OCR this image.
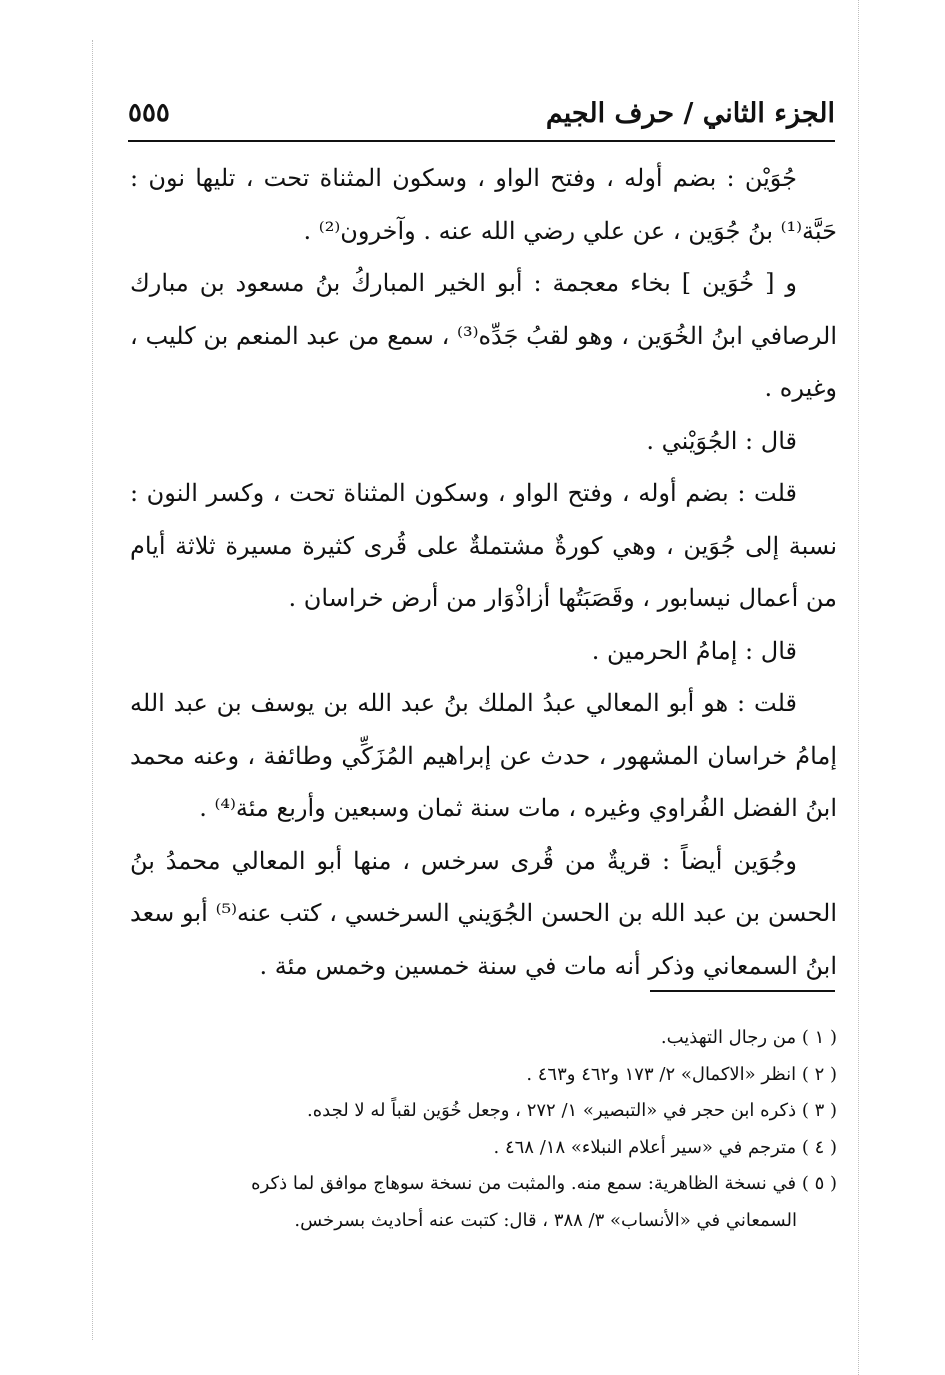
الجزء الثاني / حرف الجيم
٥٥٥

جُوَيْن : بضم أوله ، وفتح الواو ، وسكون المثناة تحت ، تليها نون : حَبَّة⁽¹⁾ بنُ جُوَين ، عن علي رضي الله عنه . وآخرون⁽²⁾ .

و [ خُوَين ] بخاء معجمة : أبو الخير المباركُ بنُ مسعود بن مبارك الرصافي ابنُ الخُوَين ، وهو لقبُ جَدِّه⁽³⁾ ، سمع من عبد المنعم بن كليب ، وغيره .

قال : الجُوَيْني .

قلت : بضم أوله ، وفتح الواو ، وسكون المثناة تحت ، وكسر النون : نسبة إلى جُوَين ، وهي كورةٌ مشتملةٌ على قُرى كثيرة مسيرة ثلاثة أيام من أعمال نيسابور ، وقَصَبَتُها أزاذْوَار من أرض خراسان .

قال : إمامُ الحرمين .

قلت : هو أبو المعالي عبدُ الملك بنُ عبد الله بن يوسف بن عبد الله إمامُ خراسان المشهور ، حدث عن إبراهيم المُزَكِّي وطائفة ، وعنه محمد ابنُ الفضل الفُراوي وغيره ، مات سنة ثمان وسبعين وأربع مئة⁽⁴⁾ .

وجُوَين أيضاً : قريةٌ من قُرى سرخس ، منها أبو المعالي محمدُ بنُ الحسن بن عبد الله بن الحسن الجُوَيني السرخسي ، كتب عنه⁽⁵⁾ أبو سعد ابنُ السمعاني وذكر أنه مات في سنة خمسين وخمس مئة .

( ١ ) من رجال التهذيب.

( ٢ ) انظر «الاكمال» ٢/ ١٧٣ و٤٦٢ و٤٦٣ .

( ٣ ) ذكره ابن حجر في «التبصير» ١/ ٢٧٢ ، وجعل خُوَين لقباً له لا لجده.

( ٤ ) مترجم في «سير أعلام النبلاء» ١٨/ ٤٦٨ .

( ٥ ) في نسخة الظاهرية: سمع منه. والمثبت من نسخة سوهاج موافق لما ذكره

السمعاني في «الأنساب» ٣/ ٣٨٨ ، قال: كتبت عنه أحاديث بسرخس.
